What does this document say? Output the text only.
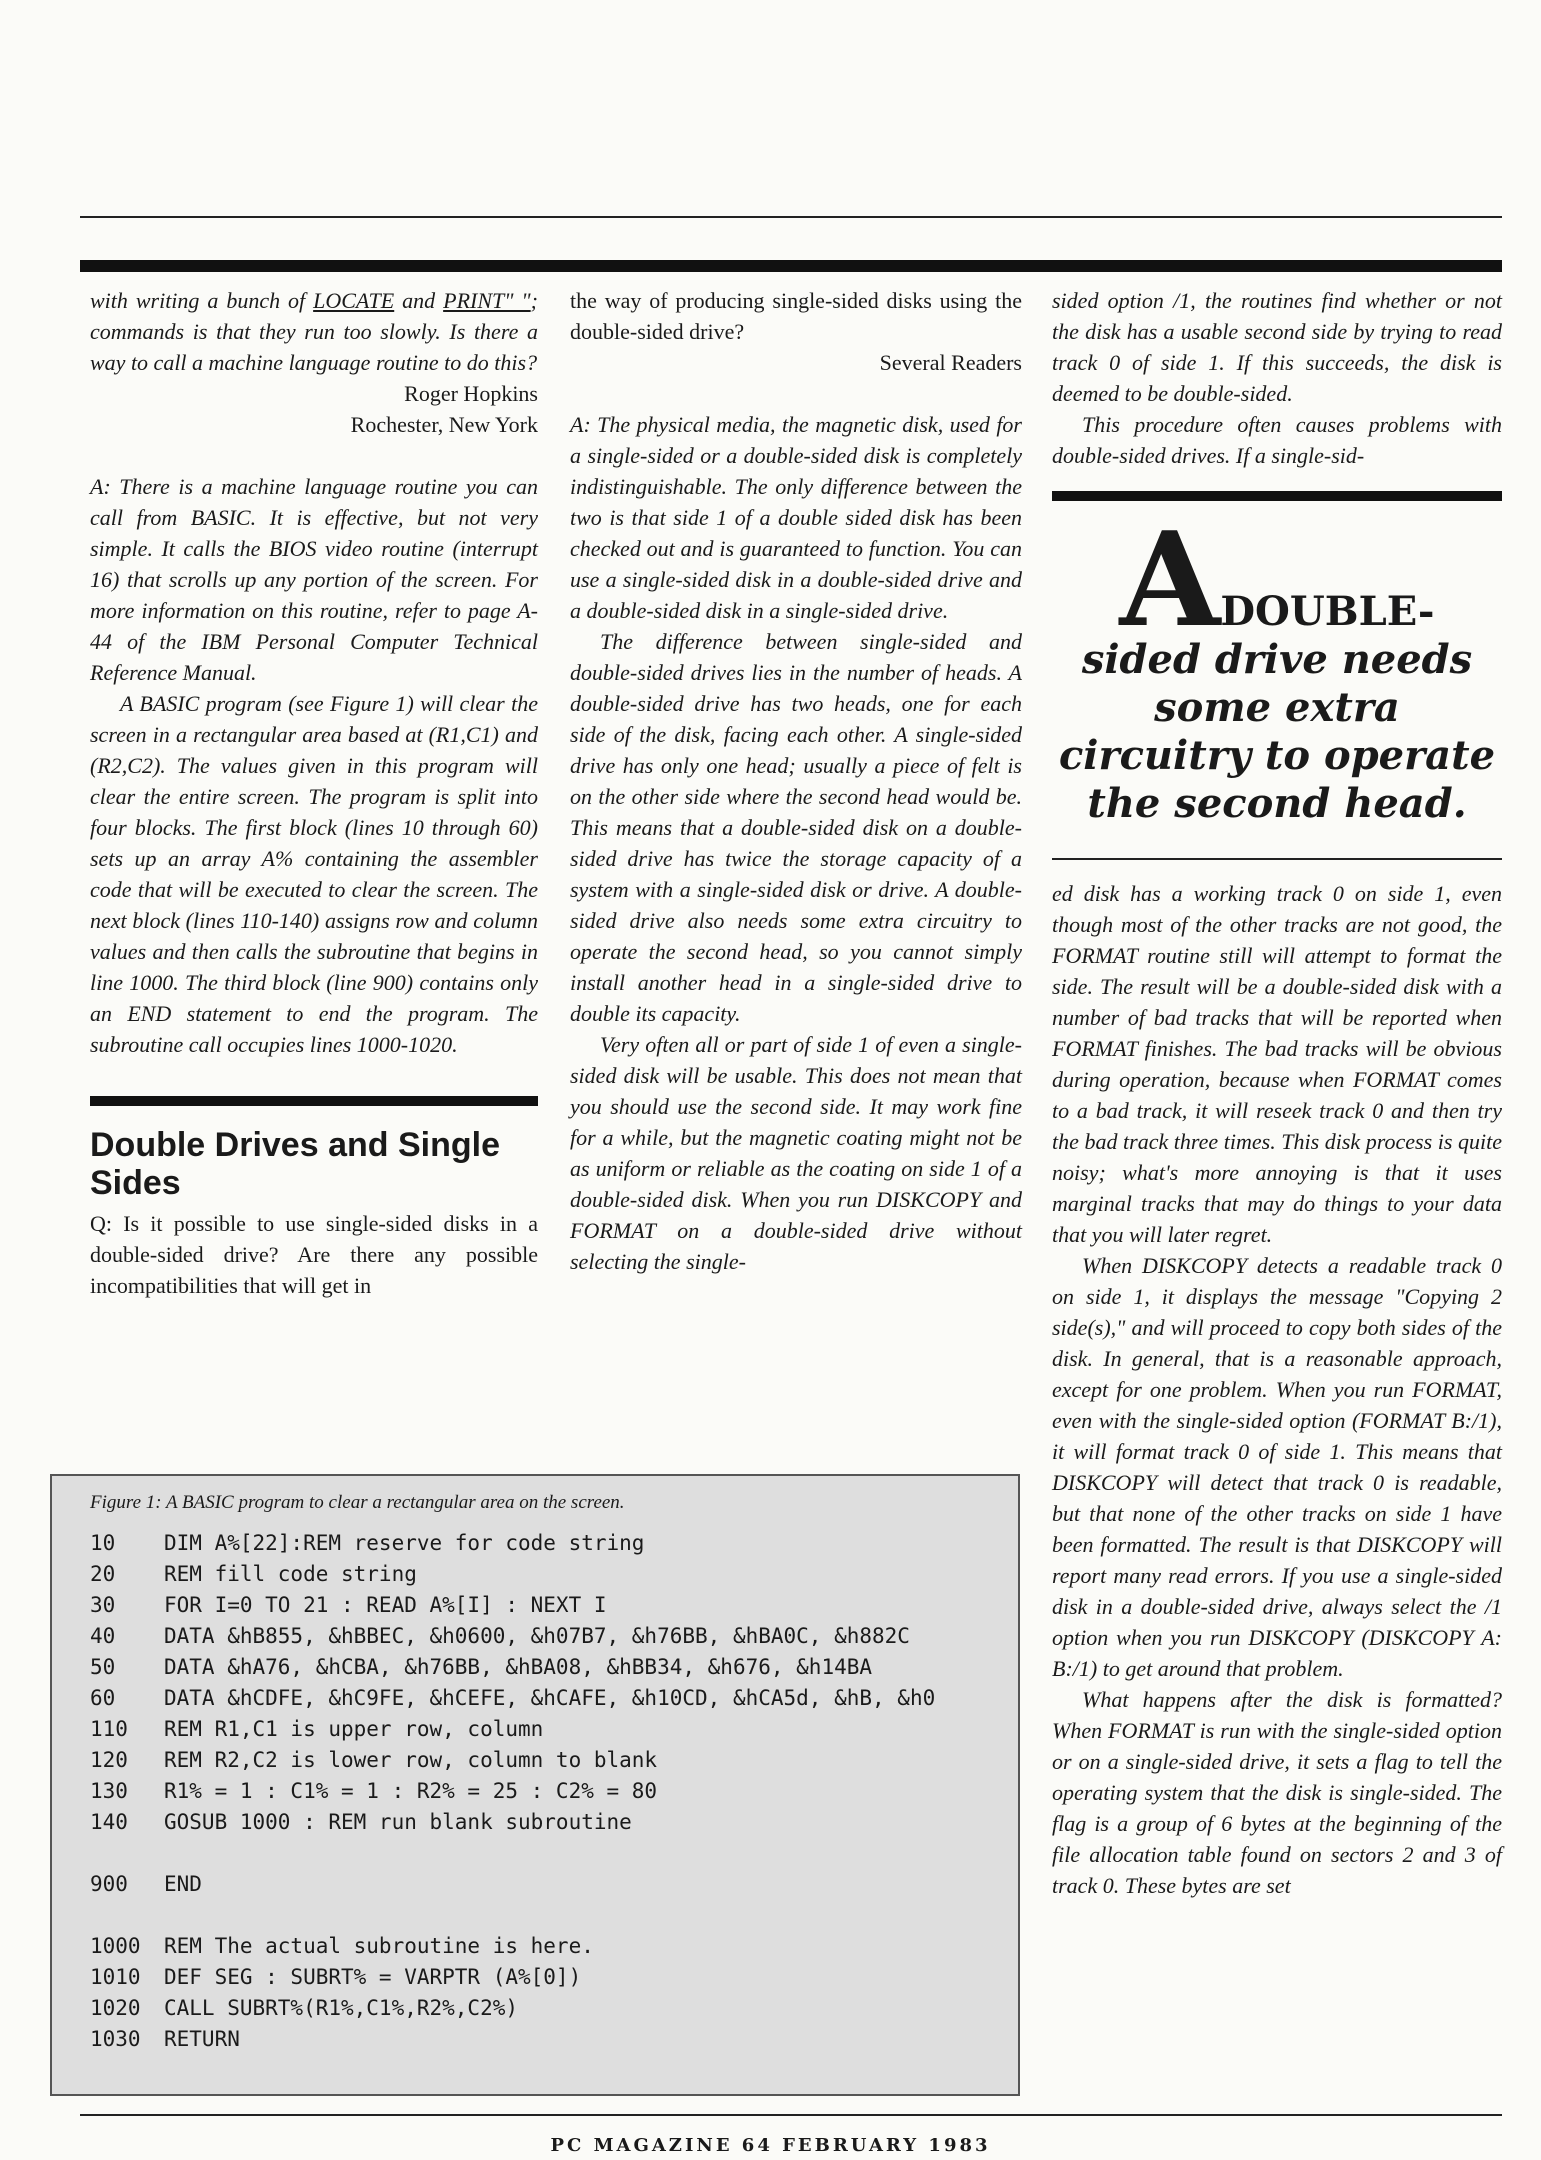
with writing a bunch of LOCATE and PRINT" "; commands is that they run too slowly. Is there a way to call a machine language routine to do this?

Roger Hopkins

Rochester, New York

A: There is a machine language routine you can call from BASIC. It is effective, but not very simple. It calls the BIOS video routine (interrupt 16) that scrolls up any portion of the screen. For more information on this routine, refer to page A-44 of the IBM Personal Computer Technical Reference Manual.

A BASIC program (see Figure 1) will clear the screen in a rectangular area based at (R1,C1) and (R2,C2). The values given in this program will clear the entire screen. The program is split into four blocks. The first block (lines 10 through 60) sets up an array A% containing the assembler code that will be executed to clear the screen. The next block (lines 110-140) assigns row and column values and then calls the subroutine that begins in line 1000. The third block (line 900) contains only an END statement to end the program. The subroutine call occupies lines 1000-1020.

Double Drives and Single Sides

Q: Is it possible to use single-sided disks in a double-sided drive? Are there any possible incompatibilities that will get in

the way of producing single-sided disks using the double-sided drive?

Several Readers

A: The physical media, the magnetic disk, used for a single-sided or a double-sided disk is completely indistinguishable. The only difference between the two is that side 1 of a double sided disk has been checked out and is guaranteed to function. You can use a single-sided disk in a double-sided drive and a double-sided disk in a single-sided drive.

The difference between single-sided and double-sided drives lies in the number of heads. A double-sided drive has two heads, one for each side of the disk, facing each other. A single-sided drive has only one head; usually a piece of felt is on the other side where the second head would be. This means that a double-sided disk on a double-sided drive has twice the storage capacity of a system with a single-sided disk or drive. A double-sided drive also needs some extra circuitry to operate the second head, so you cannot simply install another head in a single-sided drive to double its capacity.

Very often all or part of side 1 of even a single-sided disk will be usable. This does not mean that you should use the second side. It may work fine for a while, but the magnetic coating might not be as uniform or reliable as the coating on side 1 of a double-sided disk. When you run DISKCOPY and FORMAT on a double-sided drive without selecting the single-

sided option /1, the routines find whether or not the disk has a usable second side by trying to read track 0 of side 1. If this succeeds, the disk is deemed to be double-sided.

This procedure often causes problems with double-sided drives. If a single-sid-

ADOUBLE-
sided drive needs some extra circuitry to operate the second head.

ed disk has a working track 0 on side 1, even though most of the other tracks are not good, the FORMAT routine still will attempt to format the side. The result will be a double-sided disk with a number of bad tracks that will be reported when FORMAT finishes. The bad tracks will be obvious during operation, because when FORMAT comes to a bad track, it will reseek track 0 and then try the bad track three times. This disk process is quite noisy; what's more annoying is that it uses marginal tracks that may do things to your data that you will later regret.

When DISKCOPY detects a readable track 0 on side 1, it displays the message "Copying 2 side(s)," and will proceed to copy both sides of the disk. In general, that is a reasonable approach, except for one problem. When you run FORMAT, even with the single-sided option (FORMAT B:/1), it will format track 0 of side 1. This means that DISKCOPY will detect that track 0 is readable, but that none of the other tracks on side 1 have been formatted. The result is that DISKCOPY will report many read errors. If you use a single-sided disk in a double-sided drive, always select the /1 option when you run DISKCOPY (DISKCOPY A: B:/1) to get around that problem.

What happens after the disk is formatted? When FORMAT is run with the single-sided option or on a single-sided drive, it sets a flag to tell the operating system that the disk is single-sided. The flag is a group of 6 bytes at the beginning of the file allocation table found on sectors 2 and 3 of track 0. These bytes are set

Figure 1: A BASIC program to clear a rectangular area on the screen.

10	DIM A%[22]:REM reserve for code string
20	REM fill code string
30	FOR I=0 TO 21 : READ A%[I] : NEXT I
40	DATA &hB855, &hBBEC, &h0600, &h07B7, &h76BB, &hBA0C, &h882C
50	DATA &hA76, &hCBA, &h76BB, &hBA08, &hBB34, &h676, &h14BA
60	DATA &hCDFE, &hC9FE, &hCEFE, &hCAFE, &h10CD, &hCA5d, &hB, &h0
110	REM R1,C1 is upper row, column
120	REM R2,C2 is lower row, column to blank
130	R1% = 1 : C1% = 1 : R2% = 25 : C2% = 80
140	GOSUB 1000 : REM run blank subroutine
900	END
1000	REM The actual subroutine is here.
1010	DEF SEG : SUBRT% = VARPTR (A%[0])
1020	CALL SUBRT%(R1%,C1%,R2%,C2%)
1030	RETURN
PC MAGAZINE 64 FEBRUARY 1983
